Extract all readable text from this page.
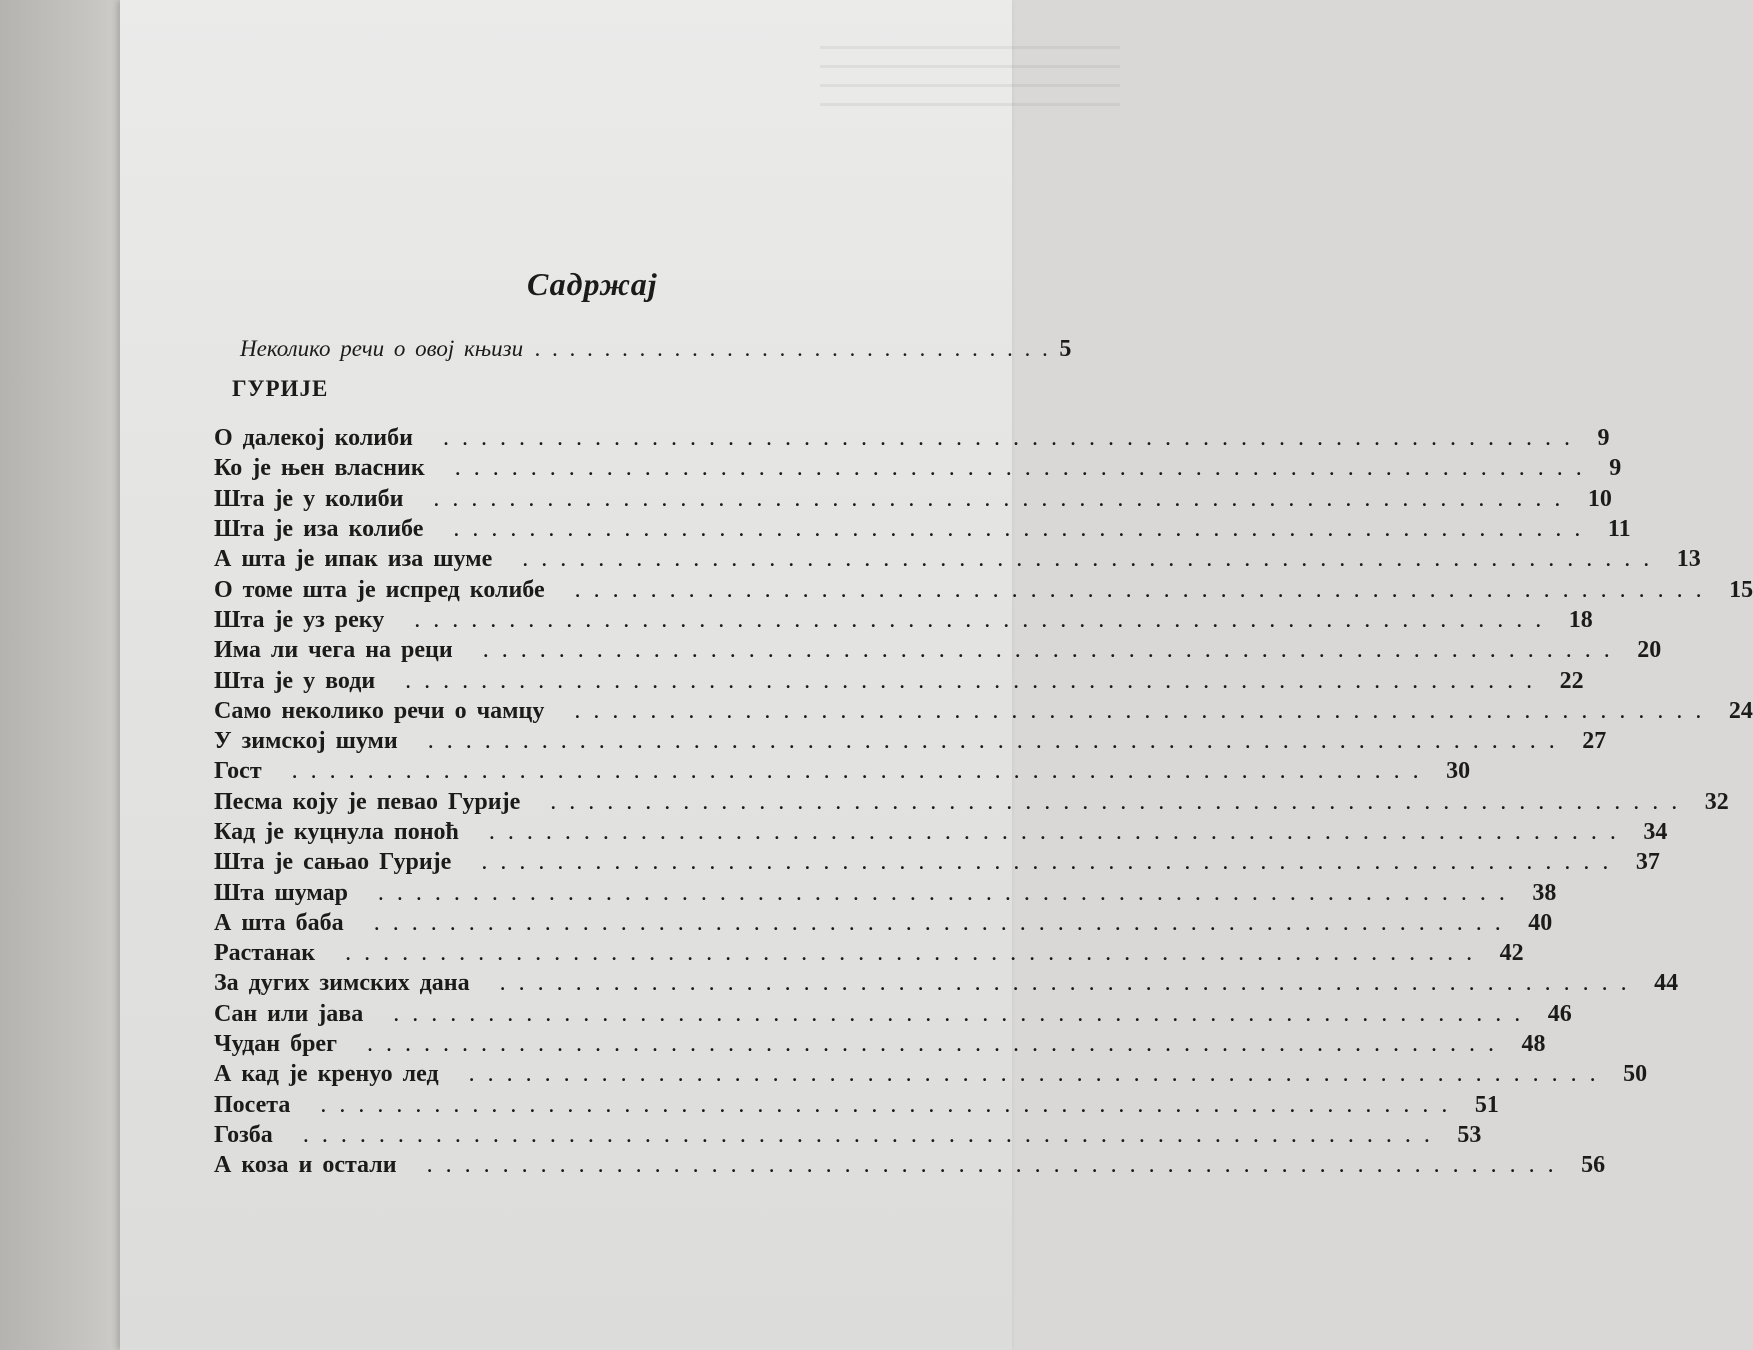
Садржај
Неколико речи о овој књизи . . . . . . . . . . . . . . . . . . . . . . . . . . . . . . 5
ГУРИЈЕ
О далекој колиби . . . . . . . . . . . . . . . . . . . . . . . . . . . . . . . . . . . . . . . . . . . . . . . . . . . . . . . . . . . . 9
Ко је њен власник . . . . . . . . . . . . . . . . . . . . . . . . . . . . . . . . . . . . . . . . . . . . . . . . . . . . . . . . . . . . 9
Шта је у колиби . . . . . . . . . . . . . . . . . . . . . . . . . . . . . . . . . . . . . . . . . . . . . . . . . . . . . . . . . . . . 10
Шта је иза колибе . . . . . . . . . . . . . . . . . . . . . . . . . . . . . . . . . . . . . . . . . . . . . . . . . . . . . . . . . . . . 11
А шта је ипак иза шуме . . . . . . . . . . . . . . . . . . . . . . . . . . . . . . . . . . . . . . . . . . . . . . . . . . . . . . . . . . . . 13
О томе шта је испред колибе . . . . . . . . . . . . . . . . . . . . . . . . . . . . . . . . . . . . . . . . . . . . . . . . . . . . . . . . . . . . 15
Шта је уз реку . . . . . . . . . . . . . . . . . . . . . . . . . . . . . . . . . . . . . . . . . . . . . . . . . . . . . . . . . . . . 18
Има ли чега на реци . . . . . . . . . . . . . . . . . . . . . . . . . . . . . . . . . . . . . . . . . . . . . . . . . . . . . . . . . . . . 20
Шта је у води . . . . . . . . . . . . . . . . . . . . . . . . . . . . . . . . . . . . . . . . . . . . . . . . . . . . . . . . . . . . 22
Само неколико речи о чамцу . . . . . . . . . . . . . . . . . . . . . . . . . . . . . . . . . . . . . . . . . . . . . . . . . . . . . . . . . . . . 24
У зимској шуми . . . . . . . . . . . . . . . . . . . . . . . . . . . . . . . . . . . . . . . . . . . . . . . . . . . . . . . . . . . . 27
Гост . . . . . . . . . . . . . . . . . . . . . . . . . . . . . . . . . . . . . . . . . . . . . . . . . . . . . . . . . . . . 30
Песма коју је певао Гурије . . . . . . . . . . . . . . . . . . . . . . . . . . . . . . . . . . . . . . . . . . . . . . . . . . . . . . . . . . . . 32
Кад је куцнула поноћ . . . . . . . . . . . . . . . . . . . . . . . . . . . . . . . . . . . . . . . . . . . . . . . . . . . . . . . . . . . . 34
Шта је сањао Гурије . . . . . . . . . . . . . . . . . . . . . . . . . . . . . . . . . . . . . . . . . . . . . . . . . . . . . . . . . . . . 37
Шта шумар . . . . . . . . . . . . . . . . . . . . . . . . . . . . . . . . . . . . . . . . . . . . . . . . . . . . . . . . . . . . 38
А шта баба . . . . . . . . . . . . . . . . . . . . . . . . . . . . . . . . . . . . . . . . . . . . . . . . . . . . . . . . . . . . 40
Растанак . . . . . . . . . . . . . . . . . . . . . . . . . . . . . . . . . . . . . . . . . . . . . . . . . . . . . . . . . . . . 42
За дугих зимских дана . . . . . . . . . . . . . . . . . . . . . . . . . . . . . . . . . . . . . . . . . . . . . . . . . . . . . . . . . . . . 44
Сан или јава . . . . . . . . . . . . . . . . . . . . . . . . . . . . . . . . . . . . . . . . . . . . . . . . . . . . . . . . . . . . 46
Чудан брег . . . . . . . . . . . . . . . . . . . . . . . . . . . . . . . . . . . . . . . . . . . . . . . . . . . . . . . . . . . . 48
А кад је кренуо лед . . . . . . . . . . . . . . . . . . . . . . . . . . . . . . . . . . . . . . . . . . . . . . . . . . . . . . . . . . . . 50
Посета . . . . . . . . . . . . . . . . . . . . . . . . . . . . . . . . . . . . . . . . . . . . . . . . . . . . . . . . . . . . 51
Гозба . . . . . . . . . . . . . . . . . . . . . . . . . . . . . . . . . . . . . . . . . . . . . . . . . . . . . . . . . . . . 53
А коза и остали . . . . . . . . . . . . . . . . . . . . . . . . . . . . . . . . . . . . . . . . . . . . . . . . . . . . . . . . . . . . 56
